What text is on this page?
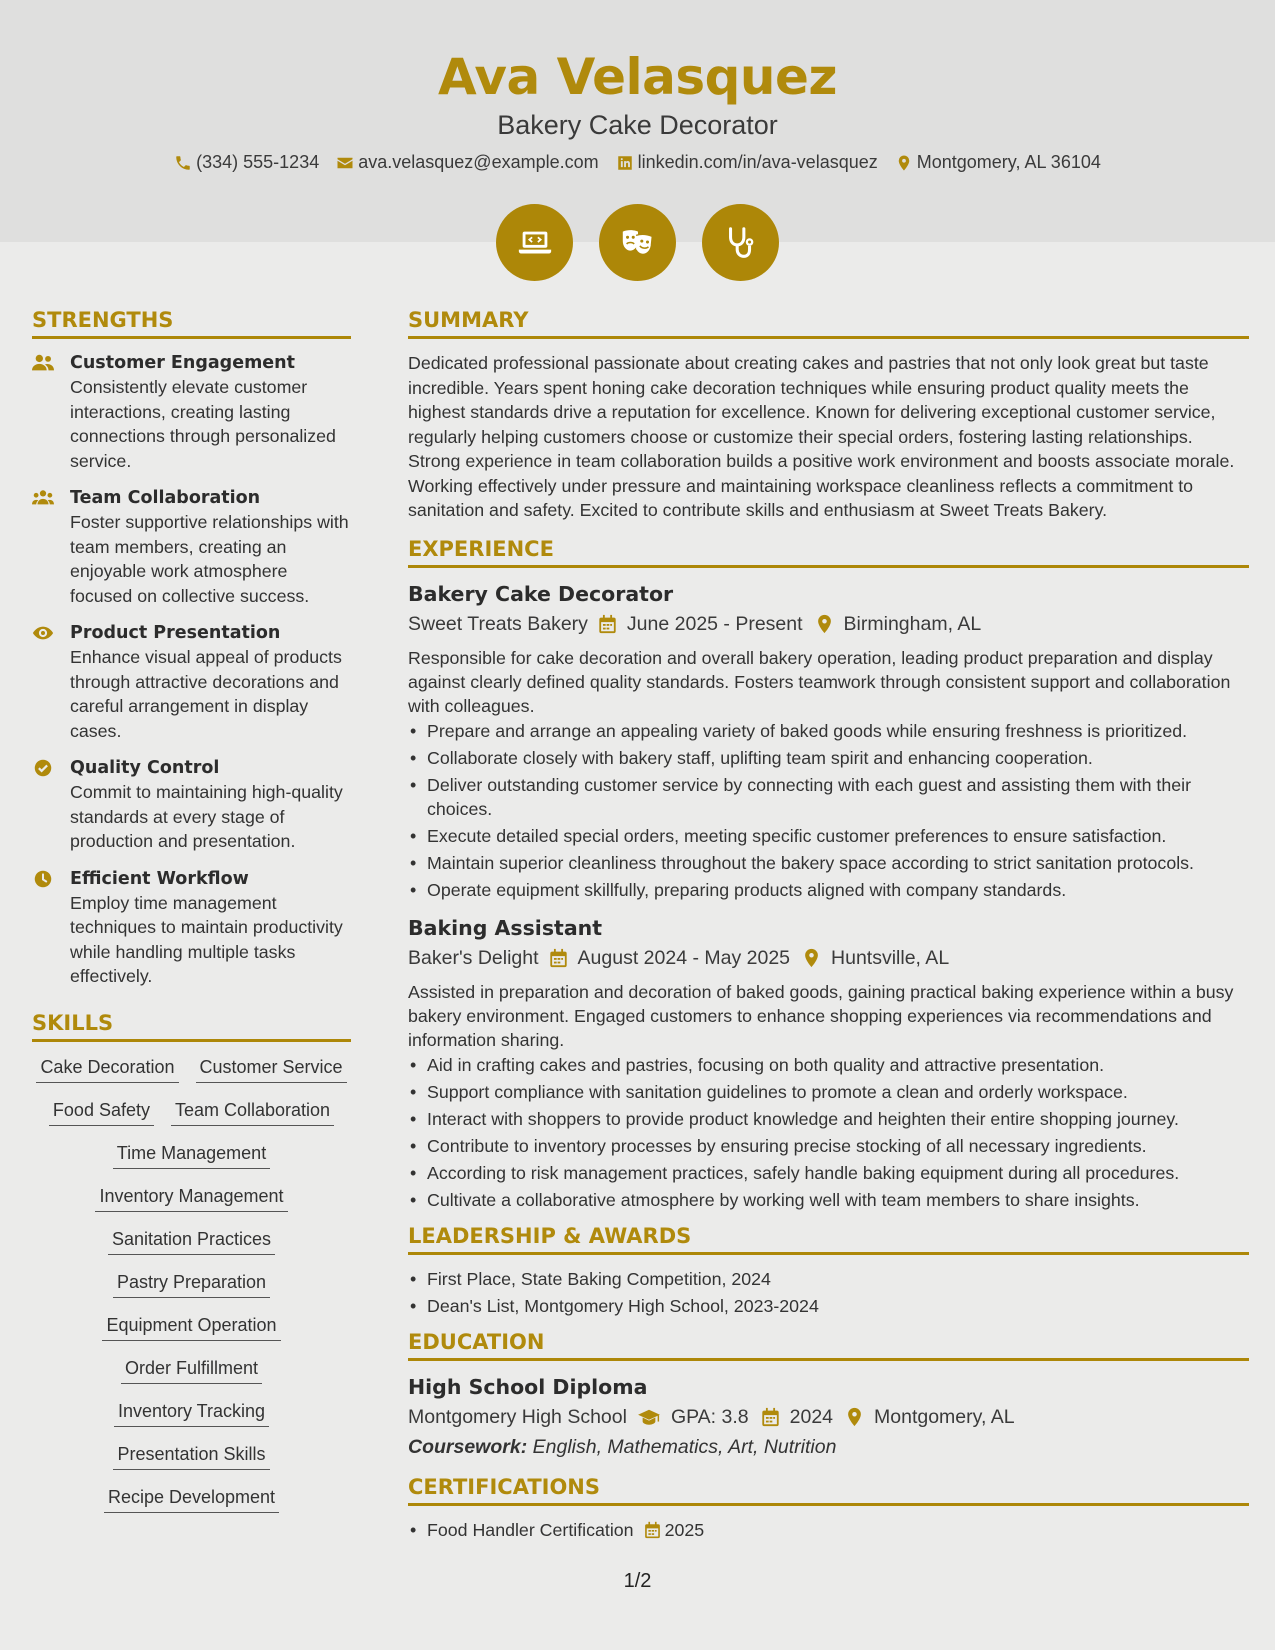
Ava Velasquez
Bakery Cake Decorator
(334) 555-1234 ava.velasquez@example.com linkedin.com/in/ava-velasquez Montgomery, AL 36104
STRENGTHS
Customer Engagement
Consistently elevate customer interactions, creating lasting connections through personalized service.
Team Collaboration
Foster supportive relationships with team members, creating an enjoyable work atmosphere focused on collective success.
Product Presentation
Enhance visual appeal of products through attractive decorations and careful arrangement in display cases.
Quality Control
Commit to maintaining high-quality standards at every stage of production and presentation.
Efficient Workflow
Employ time management techniques to maintain productivity while handling multiple tasks effectively.
SKILLS
Cake Decoration Customer Service
Food Safety Team Collaboration
Time Management
Inventory Management
Sanitation Practices
Pastry Preparation
Equipment Operation
Order Fulfillment
Inventory Tracking
Presentation Skills
Recipe Development
SUMMARY
Dedicated professional passionate about creating cakes and pastries that not only look great but taste incredible. Years spent honing cake decoration techniques while ensuring product quality meets the highest standards drive a reputation for excellence. Known for delivering exceptional customer service, regularly helping customers choose or customize their special orders, fostering lasting relationships. Strong experience in team collaboration builds a positive work environment and boosts associate morale. Working effectively under pressure and maintaining workspace cleanliness reflects a commitment to sanitation and safety. Excited to contribute skills and enthusiasm at Sweet Treats Bakery.
EXPERIENCE
Bakery Cake Decorator
Sweet Treats Bakery June 2025 - Present Birmingham, AL
Responsible for cake decoration and overall bakery operation, leading product preparation and display against clearly defined quality standards. Fosters teamwork through consistent support and collaboration with colleagues.
• Prepare and arrange an appealing variety of baked goods while ensuring freshness is prioritized.
• Collaborate closely with bakery staff, uplifting team spirit and enhancing cooperation.
• Deliver outstanding customer service by connecting with each guest and assisting them with their choices.
• Execute detailed special orders, meeting specific customer preferences to ensure satisfaction.
• Maintain superior cleanliness throughout the bakery space according to strict sanitation protocols.
• Operate equipment skillfully, preparing products aligned with company standards.
Baking Assistant
Baker's Delight August 2024 - May 2025 Huntsville, AL
Assisted in preparation and decoration of baked goods, gaining practical baking experience within a busy bakery environment. Engaged customers to enhance shopping experiences via recommendations and information sharing.
• Aid in crafting cakes and pastries, focusing on both quality and attractive presentation.
• Support compliance with sanitation guidelines to promote a clean and orderly workspace.
• Interact with shoppers to provide product knowledge and heighten their entire shopping journey.
• Contribute to inventory processes by ensuring precise stocking of all necessary ingredients.
• According to risk management practices, safely handle baking equipment during all procedures.
• Cultivate a collaborative atmosphere by working well with team members to share insights.
LEADERSHIP & AWARDS
• First Place, State Baking Competition, 2024
• Dean's List, Montgomery High School, 2023-2024
EDUCATION
High School Diploma
Montgomery High School GPA: 3.8 2024 Montgomery, AL
Coursework: English, Mathematics, Art, Nutrition
CERTIFICATIONS
• Food Handler Certification 2025
1/2
